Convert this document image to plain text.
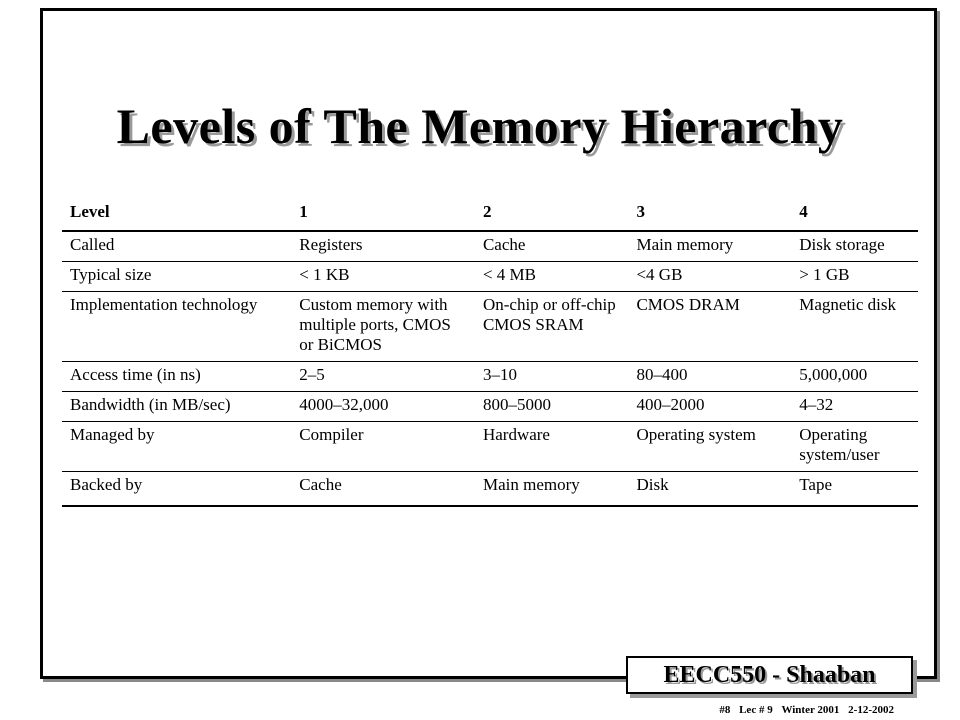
Levels of The Memory Hierarchy
Level	1	2	3	4
Called	Registers	Cache	Main memory	Disk storage
Typical size	< 1 KB	< 4 MB	<4 GB	> 1 GB
Implementation technology	Custom memory with multiple ports, CMOS or BiCMOS	On-chip or off-chip CMOS SRAM	CMOS DRAM	Magnetic disk
Access time (in ns)	2–5	3–10	80–400	5,000,000
Bandwidth (in MB/sec)	4000–32,000	800–5000	400–2000	4–32
Managed by	Compiler	Hardware	Operating system	Operating system/user
Backed by	Cache	Main memory	Disk	Tape
EECC550 - Shaaban
#8 Lec # 9 Winter 2001 2-12-2002
